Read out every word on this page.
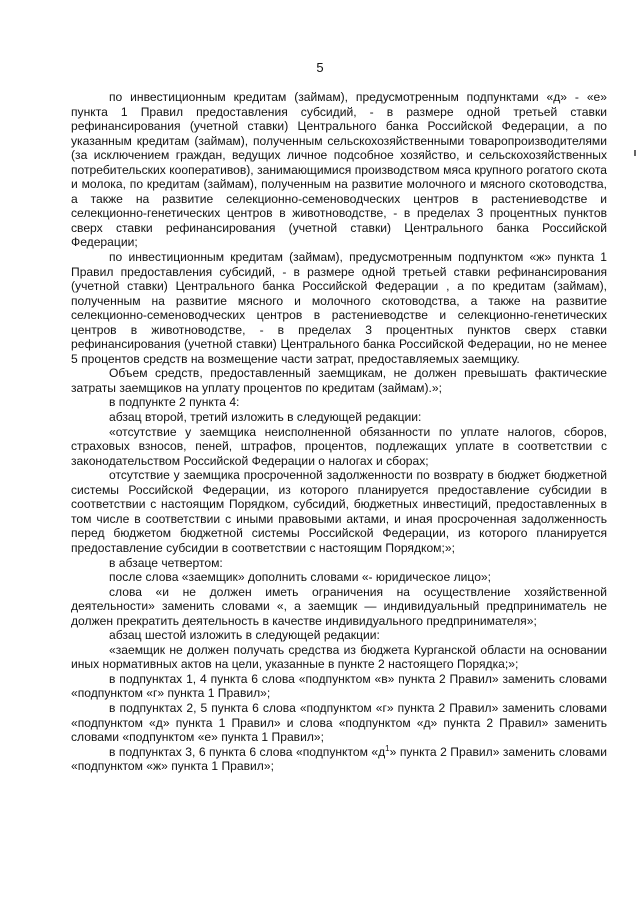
5

по инвестиционным кредитам (займам), предусмотренным подпунктами «д» - «е» пункта 1 Правил предоставления субсидий, - в размере одной третьей ставки рефинансирования (учетной ставки) Центрального банка Российской Федерации, а по указанным кредитам (займам), полученным сельскохозяйственными товаропроизводителями (за исключением граждан, ведущих личное подсобное хозяйство, и сельскохозяйственных потребительских кооперативов), занимающимися производством мяса крупного рогатого скота и молока, по кредитам (займам), полученным на развитие молочного и мясного скотоводства, а также на развитие селекционно-семеноводческих центров в растениеводстве и селекционно-генетических центров в животноводстве, - в пределах 3 процентных пунктов сверх ставки рефинансирования (учетной ставки) Центрального банка Российской Федерации;

по инвестиционным кредитам (займам), предусмотренным подпунктом «ж» пункта 1 Правил предоставления субсидий, - в размере одной третьей ставки рефинансирования (учетной ставки) Центрального банка Российской Федерации , а по кредитам (займам), полученным на развитие мясного и молочного скотоводства, а также на развитие селекционно-семеноводческих центров в растениеводстве и селекционно-генетических центров в животноводстве, - в пределах 3 процентных пунктов сверх ставки рефинансирования (учетной ставки) Центрального банка Российской Федерации, но не менее 5 процентов средств на возмещение части затрат, предоставляемых заемщику.

Объем средств, предоставленный заемщикам, не должен превышать фактические затраты заемщиков на уплату процентов по кредитам (займам).»;

в подпункте 2 пункта 4:

абзац второй, третий изложить в следующей редакции:

«отсутствие у заемщика неисполненной обязанности по уплате налогов, сборов, страховых взносов, пеней, штрафов, процентов, подлежащих уплате в соответствии с законодательством Российской Федерации о налогах и сборах;

отсутствие у заемщика просроченной задолженности по возврату в бюджет бюджетной системы Российской Федерации, из которого планируется предоставление субсидии в соответствии с настоящим Порядком, субсидий, бюджетных инвестиций, предоставленных в том числе в соответствии с иными правовыми актами, и иная просроченная задолженность перед бюджетом бюджетной системы Российской Федерации, из которого планируется предоставление субсидии в соответствии с настоящим Порядком;»;

в абзаце четвертом:

после слова «заемщик» дополнить словами «- юридическое лицо»;

слова «и не должен иметь ограничения на осуществление хозяйственной деятельности» заменить словами «, а заемщик — индивидуальный предприниматель не должен прекратить деятельность в качестве индивидуального предпринимателя»;

абзац шестой изложить в следующей редакции:

«заемщик не должен получать средства из бюджета Курганской области на основании иных нормативных актов на цели, указанные в пункте 2 настоящего Порядка;»;

в подпунктах 1, 4 пункта 6 слова «подпунктом «в» пункта 2 Правил» заменить словами «подпунктом «г» пункта 1 Правил»;

в подпунктах 2, 5 пункта 6 слова «подпунктом «г» пункта 2 Правил» заменить словами «подпунктом «д» пункта 1 Правил» и слова «подпунктом «д» пункта 2 Правил» заменить словами «подпунктом «е» пункта 1 Правил»;

в подпунктах 3, 6 пункта 6 слова «подпунктом «$д^1$» пункта 2 Правил» заменить словами «подпунктом «ж» пункта 1 Правил»;
